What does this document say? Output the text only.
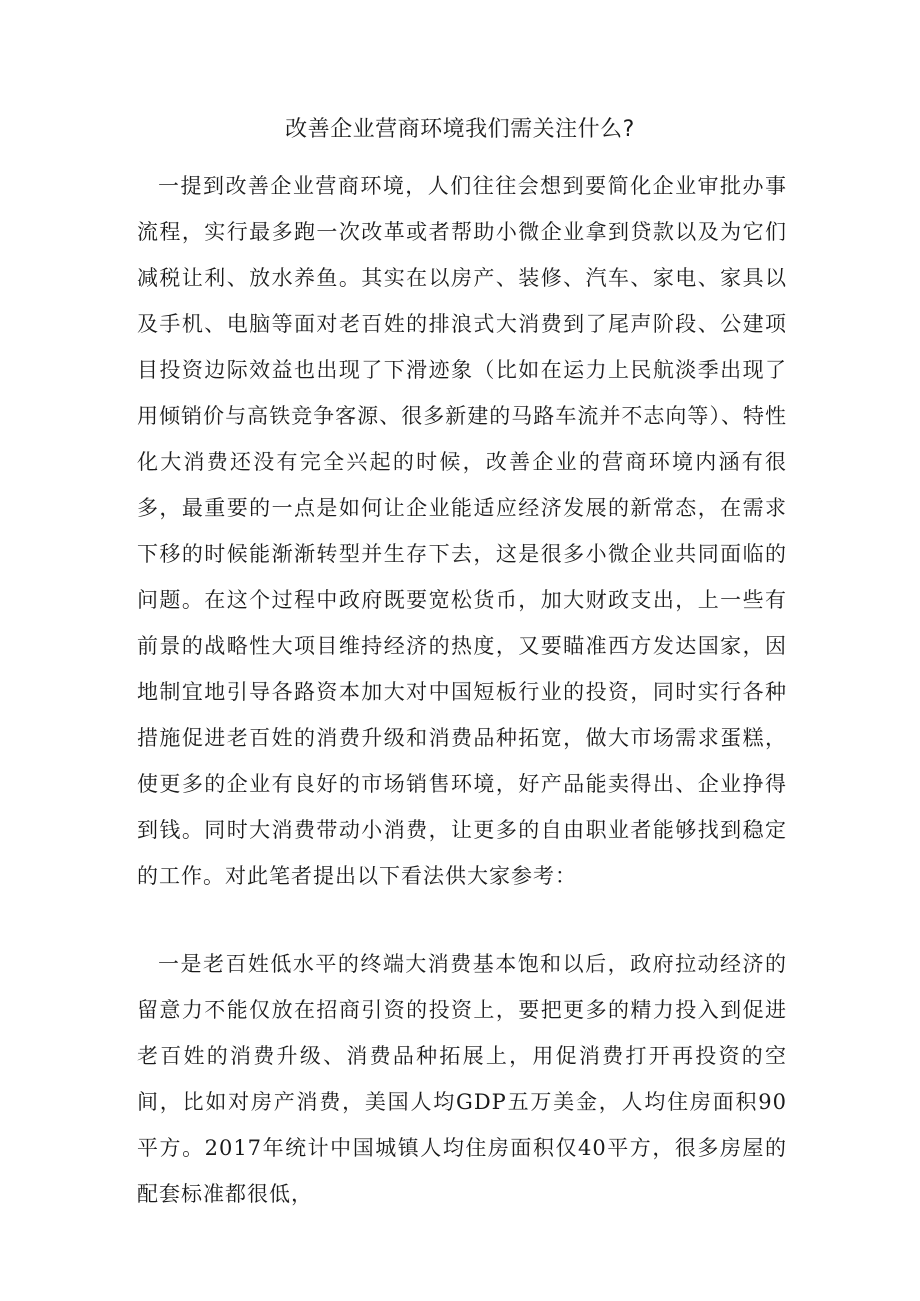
改善企业营商环境我们需关注什么?

一提到改善企业营商环境，人们往往会想到要简化企业审批办事流程，实行最多跑一次改革或者帮助小微企业拿到贷款以及为它们减税让利、放水养鱼。其实在以房产、装修、汽车、家电、家具以及手机、电脑等面对老百姓的排浪式大消费到了尾声阶段、公建项目投资边际效益也出现了下滑迹象（比如在运力上民航淡季出现了用倾销价与高铁竞争客源、很多新建的马路车流并不志向等）、特性化大消费还没有完全兴起的时候，改善企业的营商环境内涵有很多，最重要的一点是如何让企业能适应经济发展的新常态，在需求下移的时候能渐渐转型并生存下去，这是很多小微企业共同面临的问题。在这个过程中政府既要宽松货币，加大财政支出，上一些有前景的战略性大项目维持经济的热度，又要瞄准西方发达国家，因地制宜地引导各路资本加大对中国短板行业的投资，同时实行各种措施促进老百姓的消费升级和消费品种拓宽，做大市场需求蛋糕，使更多的企业有良好的市场销售环境，好产品能卖得出、企业挣得到钱。同时大消费带动小消费，让更多的自由职业者能够找到稳定的工作。对此笔者提出以下看法供大家参考：

一是老百姓低水平的终端大消费基本饱和以后，政府拉动经济的留意力不能仅放在招商引资的投资上，要把更多的精力投入到促进老百姓的消费升级、消费品种拓展上，用促消费打开再投资的空间，比如对房产消费，美国人均GDP五万美金，人均住房面积90平方。2017年统计中国城镇人均住房面积仅40平方，很多房屋的配套标准都很低，
